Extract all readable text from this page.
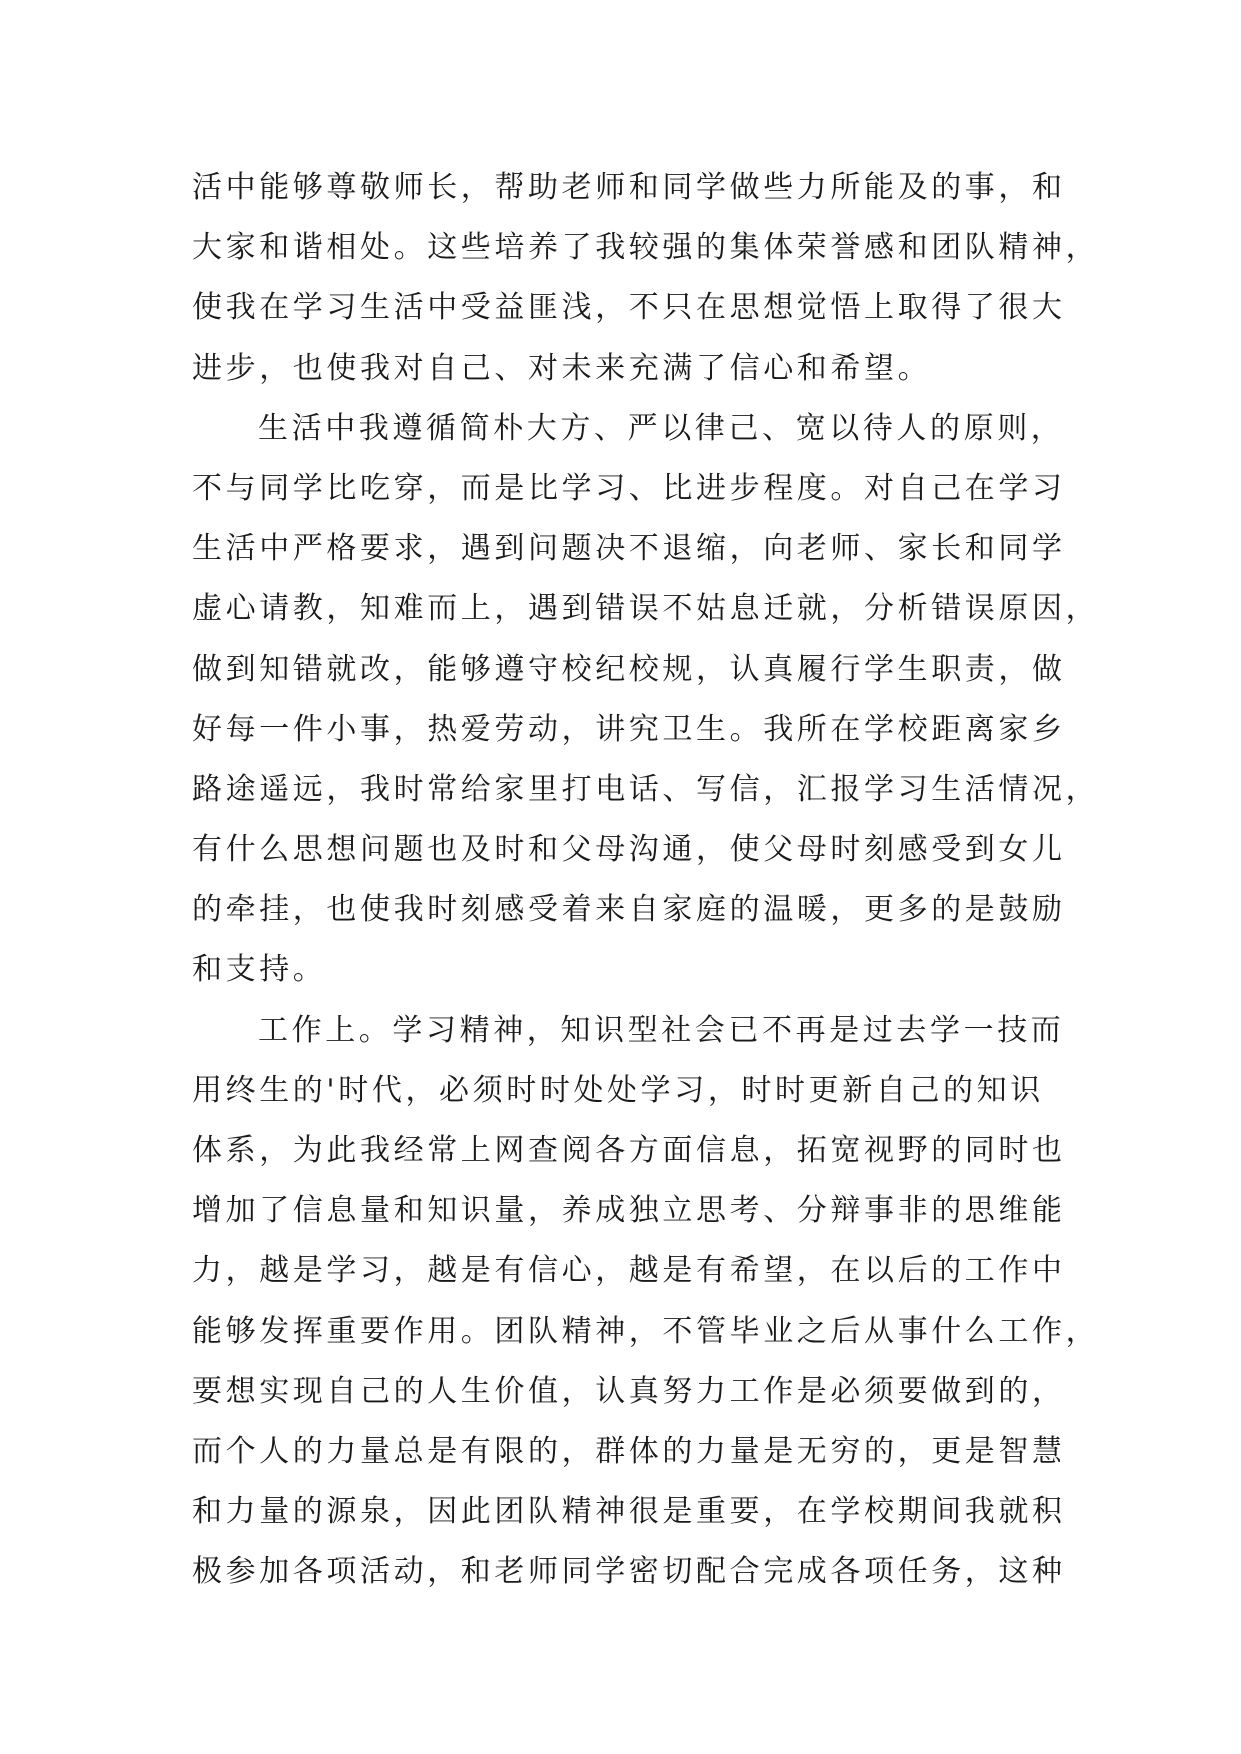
活中能够尊敬师长，帮助老师和同学做些力所能及的事，和
大家和谐相处。这些培养了我较强的集体荣誉感和团队精神，
使我在学习生活中受益匪浅，不只在思想觉悟上取得了很大
进步，也使我对自己、对未来充满了信心和希望。
生活中我遵循简朴大方、严以律己、宽以待人的原则，
不与同学比吃穿，而是比学习、比进步程度。对自己在学习
生活中严格要求，遇到问题决不退缩，向老师、家长和同学
虚心请教，知难而上，遇到错误不姑息迁就，分析错误原因，
做到知错就改，能够遵守校纪校规，认真履行学生职责，做
好每一件小事，热爱劳动，讲究卫生。我所在学校距离家乡
路途遥远，我时常给家里打电话、写信，汇报学习生活情况，
有什么思想问题也及时和父母沟通，使父母时刻感受到女儿
的牵挂，也使我时刻感受着来自家庭的温暖，更多的是鼓励
和支持。
工作上。学习精神，知识型社会已不再是过去学一技而
用终生的'时代，必须时时处处学习，时时更新自己的知识
体系，为此我经常上网查阅各方面信息，拓宽视野的同时也
增加了信息量和知识量，养成独立思考、分辩事非的思维能
力，越是学习，越是有信心，越是有希望，在以后的工作中
能够发挥重要作用。团队精神，不管毕业之后从事什么工作，
要想实现自己的人生价值，认真努力工作是必须要做到的，
而个人的力量总是有限的，群体的力量是无穷的，更是智慧
和力量的源泉，因此团队精神很是重要，在学校期间我就积
极参加各项活动，和老师同学密切配合完成各项任务，这种
